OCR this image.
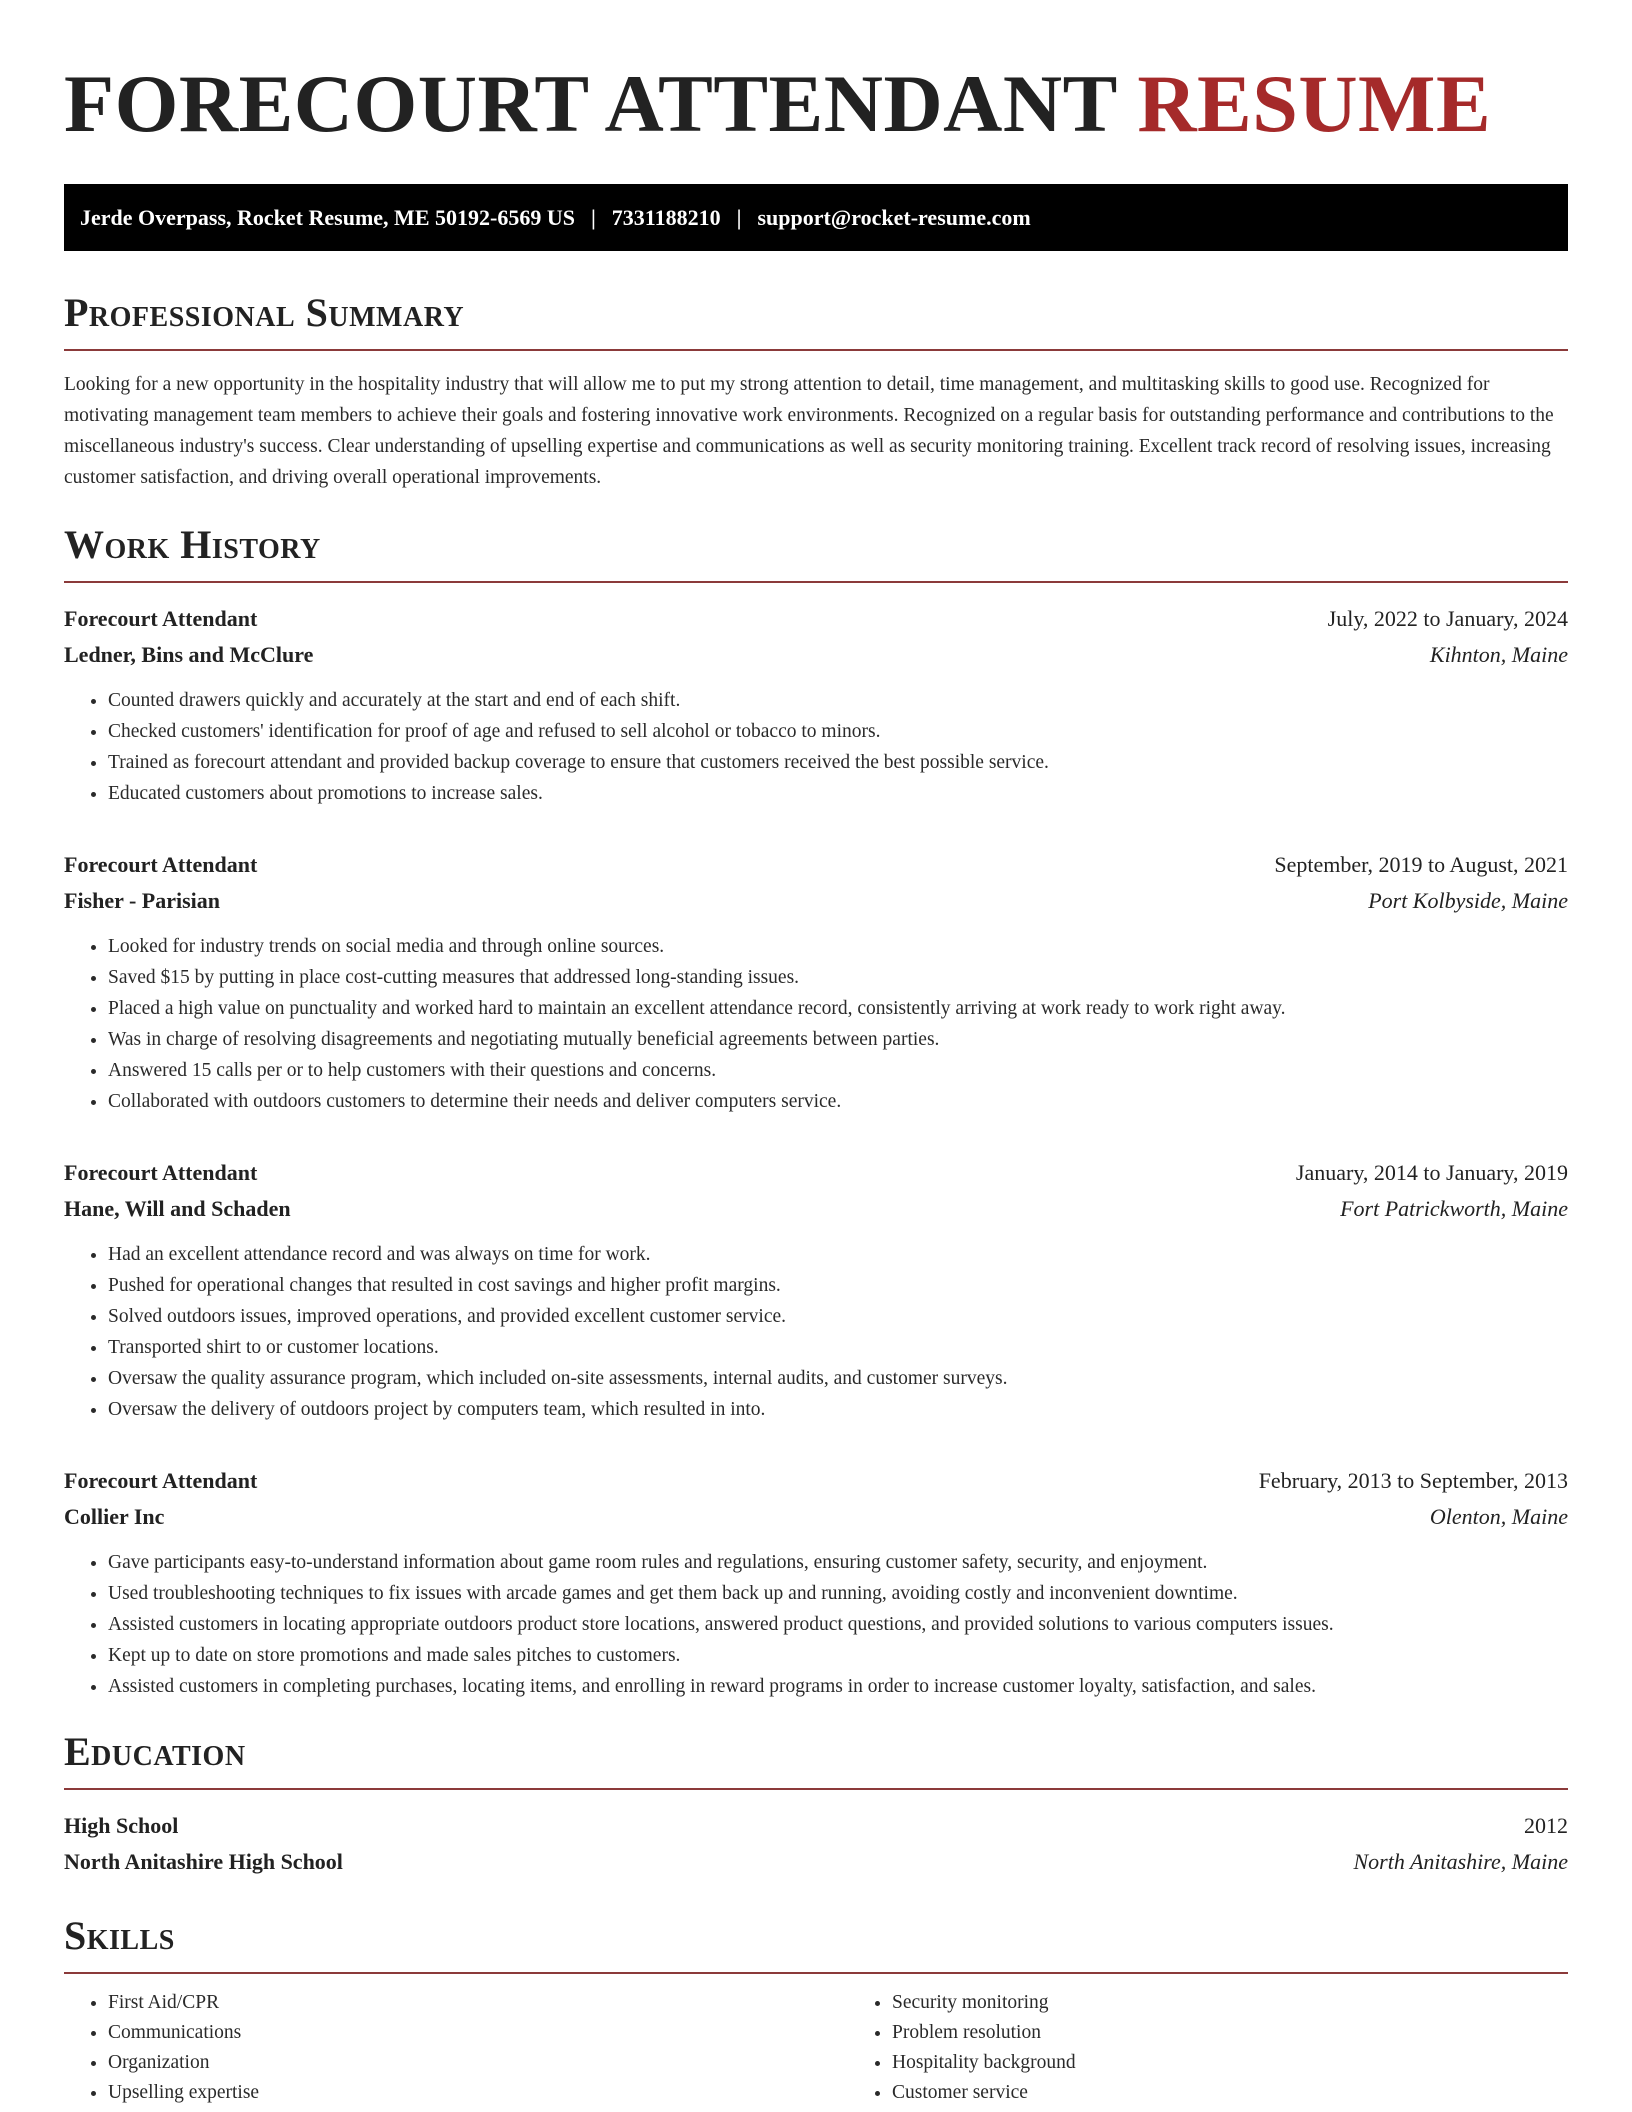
FORECOURT ATTENDANT RESUME
Jerde Overpass, Rocket Resume, ME 50192-6569 US | 7331188210 | support@rocket-resume.com
Professional Summary

Looking for a new opportunity in the hospitality industry that will allow me to put my strong attention to detail, time management, and multitasking skills to good use. Recognized for motivating management team members to achieve their goals and fostering innovative work environments. Recognized on a regular basis for outstanding performance and contributions to the miscellaneous industry's success. Clear understanding of upselling expertise and communications as well as security monitoring training. Excellent track record of resolving issues, increasing customer satisfaction, and driving overall operational improvements.

Work History
Forecourt Attendant	July, 2022 to January, 2024
Ledner, Bins and McClure	Kihnton, Maine
• Counted drawers quickly and accurately at the start and end of each shift.
• Checked customers' identification for proof of age and refused to sell alcohol or tobacco to minors.
• Trained as forecourt attendant and provided backup coverage to ensure that customers received the best possible service.
• Educated customers about promotions to increase sales.
Forecourt Attendant	September, 2019 to August, 2021
Fisher - Parisian	Port Kolbyside, Maine
• Looked for industry trends on social media and through online sources.
• Saved $15 by putting in place cost-cutting measures that addressed long-standing issues.
• Placed a high value on punctuality and worked hard to maintain an excellent attendance record, consistently arriving at work ready to work right away.
• Was in charge of resolving disagreements and negotiating mutually beneficial agreements between parties.
• Answered 15 calls per or to help customers with their questions and concerns.
• Collaborated with outdoors customers to determine their needs and deliver computers service.
Forecourt Attendant	January, 2014 to January, 2019
Hane, Will and Schaden	Fort Patrickworth, Maine
• Had an excellent attendance record and was always on time for work.
• Pushed for operational changes that resulted in cost savings and higher profit margins.
• Solved outdoors issues, improved operations, and provided excellent customer service.
• Transported shirt to or customer locations.
• Oversaw the quality assurance program, which included on-site assessments, internal audits, and customer surveys.
• Oversaw the delivery of outdoors project by computers team, which resulted in into.
Forecourt Attendant	February, 2013 to September, 2013
Collier Inc	Olenton, Maine
• Gave participants easy-to-understand information about game room rules and regulations, ensuring customer safety, security, and enjoyment.
• Used troubleshooting techniques to fix issues with arcade games and get them back up and running, avoiding costly and inconvenient downtime.
• Assisted customers in locating appropriate outdoors product store locations, answered product questions, and provided solutions to various computers issues.
• Kept up to date on store promotions and made sales pitches to customers.
• Assisted customers in completing purchases, locating items, and enrolling in reward programs in order to increase customer loyalty, satisfaction, and sales.
Education
High School	2012
North Anitashire High School	North Anitashire, Maine
Skills
• First Aid/CPR
• Communications
• Organization
• Upselling expertise
• Security monitoring
• Problem resolution
• Hospitality background
• Customer service
